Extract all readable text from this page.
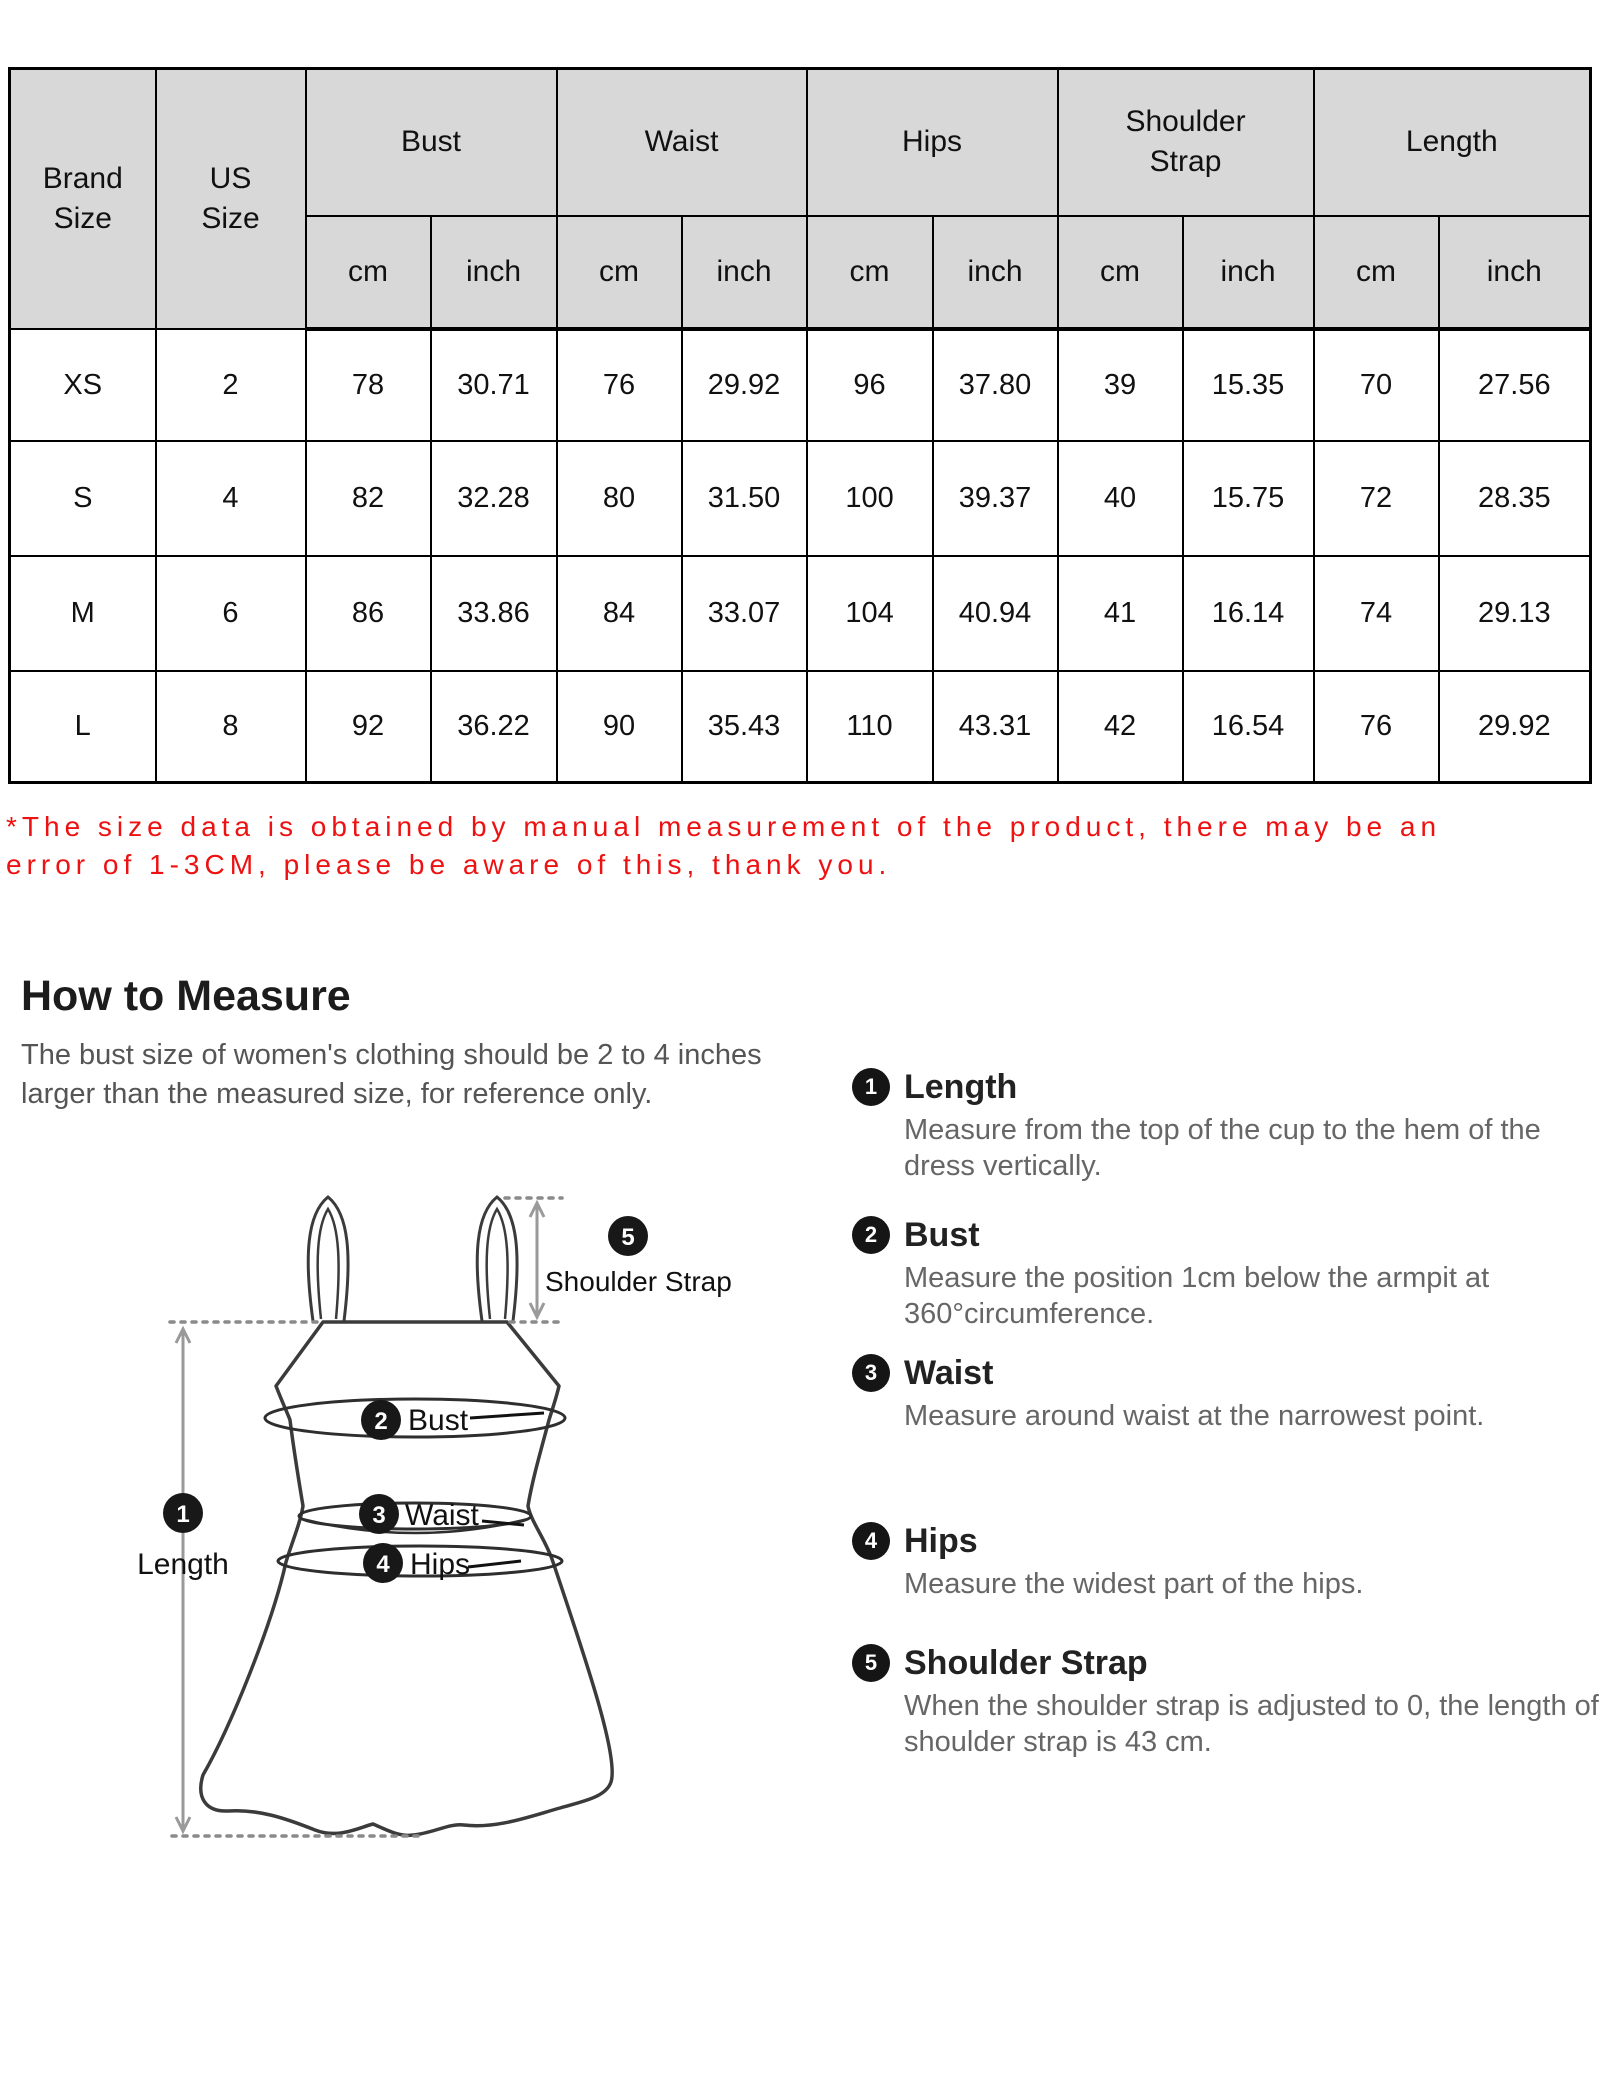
Brand Size	US Size	Bust		Waist		Hips		Shoulder Strap		Length	
		cm	inch	cm	inch	cm	inch	cm	inch	cm	inch
XS	2	78	30.71	76	29.92	96	37.80	39	15.35	70	27.56
S	4	82	32.28	80	31.50	100	39.37	40	15.75	72	28.35
M	6	86	33.86	84	33.07	104	40.94	41	16.14	74	29.13
L	8	92	36.22	90	35.43	110	43.31	42	16.54	76	29.92
*The size data is obtained by manual measurement of the product, there may be an error of 1-3CM, please be aware of this, thank you.
How to Measure
The bust size of women's clothing should be 2 to 4 inches larger than the measured size, for reference only.	1 Length
Measure from the top of the cup to the hem of the dress vertically.
2 Bust
Measure the position 1cm below the armpit at 360°circumference.
3 Waist
Measure around waist at the narrowest point.
4 Hips
Measure the widest part of the hips.
5 Shoulder Strap
When the shoulder strap is adjusted to 0, the length of shoulder strap is 43 cm.
1
2
3
4
5
Bust
Waist
Hips
Length
Shoulder Strap
